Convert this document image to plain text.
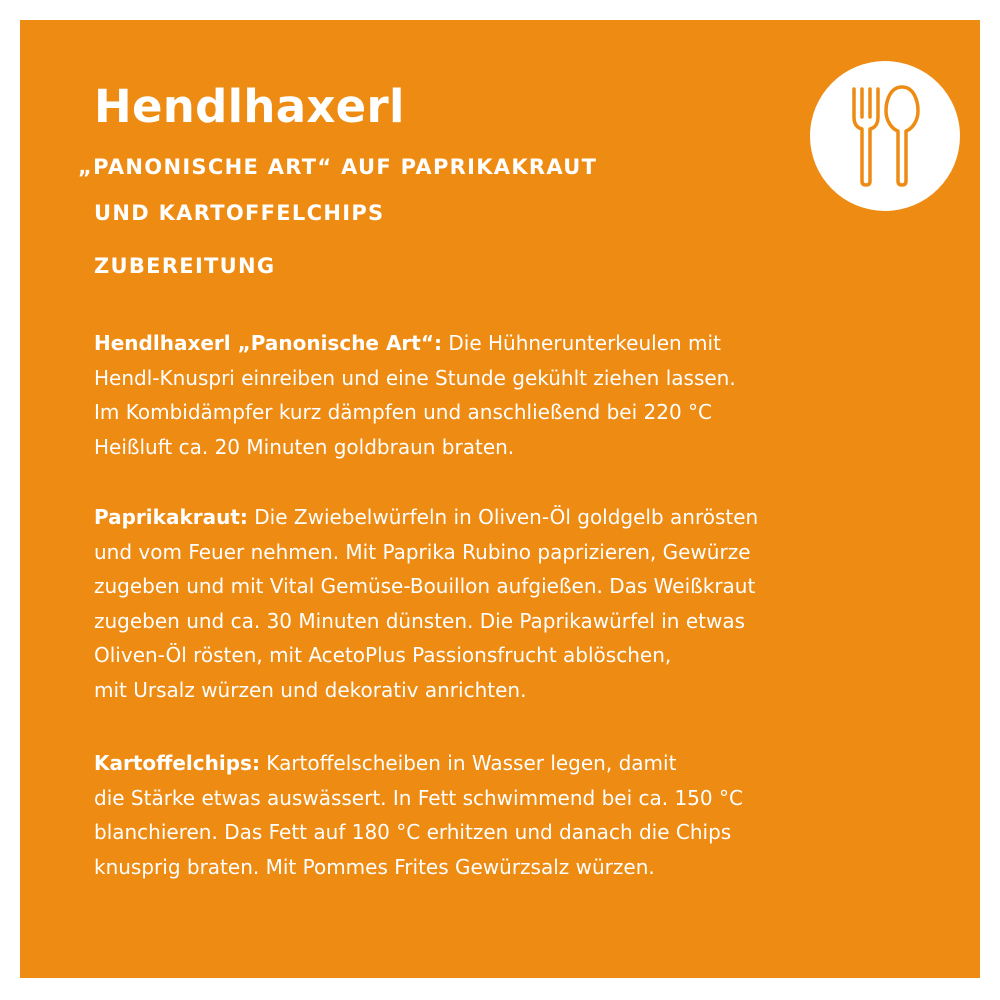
Hendlhaxerl
„PANONISCHE ART“ AUF PAPRIKAKRAUT
UND KARTOFFELCHIPS
ZUBEREITUNG

Hendlhaxerl „Panonische Art“: Die Hühnerunterkeulen mit
Hendl-Knuspri einreiben und eine Stunde gekühlt ziehen lassen.
Im Kombidämpfer kurz dämpfen und anschließend bei 220 °C
Heißluft ca. 20 Minuten goldbraun braten.

Paprikakraut: Die Zwiebelwürfeln in Oliven-Öl goldgelb anrösten
und vom Feuer nehmen. Mit Paprika Rubino paprizieren, Gewürze
zugeben und mit Vital Gemüse-Bouillon aufgießen. Das Weißkraut
zugeben und ca. 30 Minuten dünsten. Die Paprikawürfel in etwas
Oliven-Öl rösten, mit AcetoPlus Passionsfrucht ablöschen,
mit Ursalz würzen und dekorativ anrichten.

Kartoffelchips: Kartoffelscheiben in Wasser legen, damit
die Stärke etwas auswässert. In Fett schwimmend bei ca. 150 °C
blanchieren. Das Fett auf 180 °C erhitzen und danach die Chips
knusprig braten. Mit Pommes Frites Gewürzsalz würzen.
